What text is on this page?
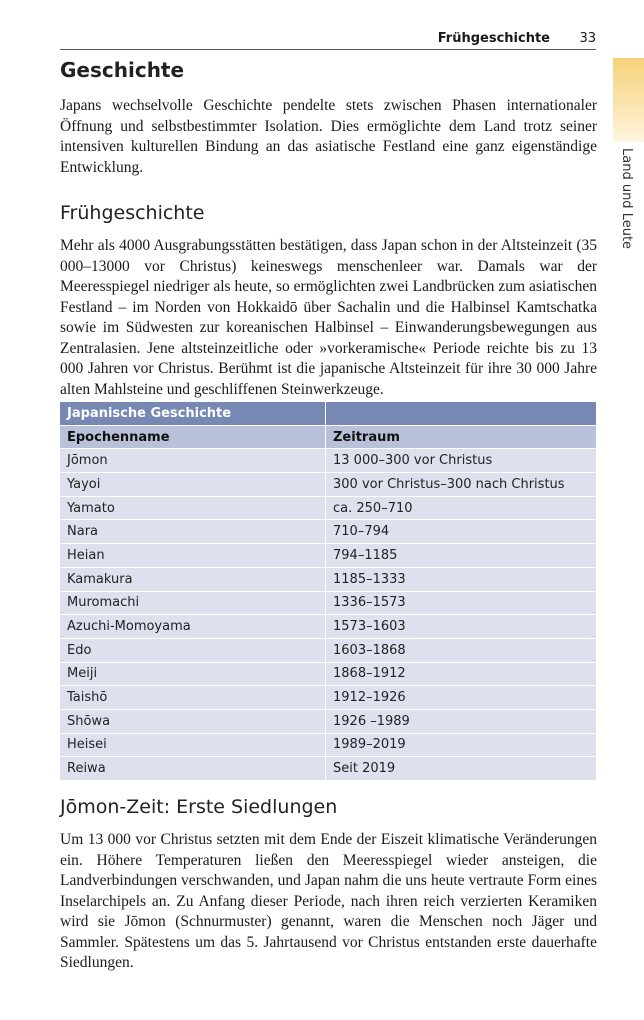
Frühgeschichte 33
Land und Leute
Geschichte

Japans wechselvolle Geschichte pendelte stets zwischen Phasen internationaler Öffnung und selbstbestimmter Isolation. Dies ermöglichte dem Land trotz seiner intensiven kulturellen Bindung an das asiatische Festland eine ganz eigenständige Entwicklung.

Frühgeschichte

Mehr als 4000 Ausgrabungsstätten bestätigen, dass Japan schon in der Altsteinzeit (35 000–13000 vor Christus) keineswegs menschenleer war. Damals war der Meeresspiegel niedriger als heute, so ermöglichten zwei Landbrücken zum asiatischen Festland – im Norden von Hokkaidō über Sachalin und die Halbinsel Kamtschatka sowie im Südwesten zur koreanischen Halbinsel – Einwanderungsbewegungen aus Zentralasien. Jene altsteinzeitliche oder »vorkeramische« Periode reichte bis zu 13 000 Jahren vor Christus. Berühmt ist die japanische Altsteinzeit für ihre 30 000 Jahre alten Mahlsteine und geschliffenen Steinwerkzeuge.

Japanische Geschichte
Epochenname	Zeitraum
Jōmon	13 000–300 vor Christus
Yayoi	300 vor Christus–300 nach Christus
Yamato	ca. 250–710
Nara	710–794
Heian	794–1185
Kamakura	1185–1333
Muromachi	1336–1573
Azuchi-Momoyama	1573–1603
Edo	1603–1868
Meiji	1868–1912
Taishō	1912–1926
Shōwa	1926 –1989
Heisei	1989–2019
Reiwa	Seit 2019
Jōmon-Zeit: Erste Siedlungen

Um 13 000 vor Christus setzten mit dem Ende der Eiszeit klimatische Veränderungen ein. Höhere Temperaturen ließen den Meeresspiegel wieder ansteigen, die Landverbindungen verschwanden, und Japan nahm die uns heute vertraute Form eines Inselarchipels an. Zu Anfang dieser Periode, nach ihren reich verzierten Keramiken wird sie Jōmon (Schnurmuster) genannt, waren die Menschen noch Jäger und Sammler. Spätestens um das 5. Jahrtausend vor Christus entstanden erste dauerhafte Siedlungen.
